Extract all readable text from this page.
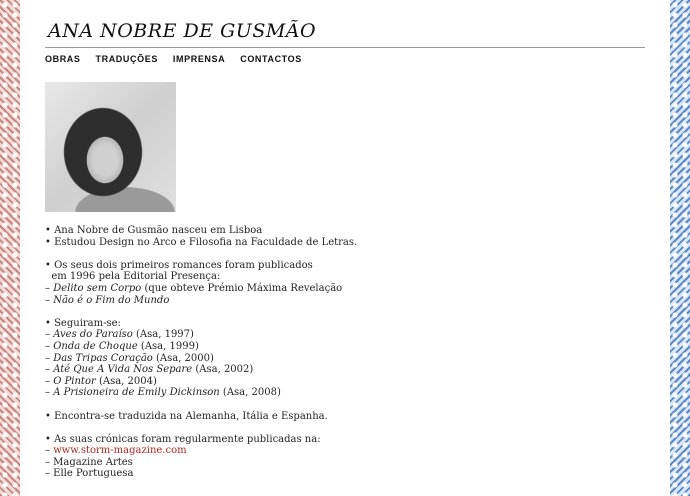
ANA NOBRE DE GUSMÃO
OBRAS TRADUÇÕES IMPRENSA CONTACTOS
• Ana Nobre de Gusmão nasceu em Lisboa
• Estudou Design no Arco e Filosofia na Faculdade de Letras.
• Os seus dois primeiros romances foram publicados
em 1996 pela Editorial Presença:
– Delito sem Corpo (que obteve Prémio Máxima Revelação
– Não é o Fim do Mundo
• Seguiram-se:
– Aves do Paraíso (Asa, 1997)
– Onda de Choque (Asa, 1999)
– Das Tripas Coração (Asa, 2000)
– Até Que A Vida Nos Separe (Asa, 2002)
– O Pintor (Asa, 2004)
– A Prisioneira de Emily Dickinson (Asa, 2008)
• Encontra-se traduzida na Alemanha, Itália e Espanha.
• As suas crónicas foram regularmente publicadas na:
– www.storm-magazine.com
– Magazine Artes
– Elle Portuguesa
